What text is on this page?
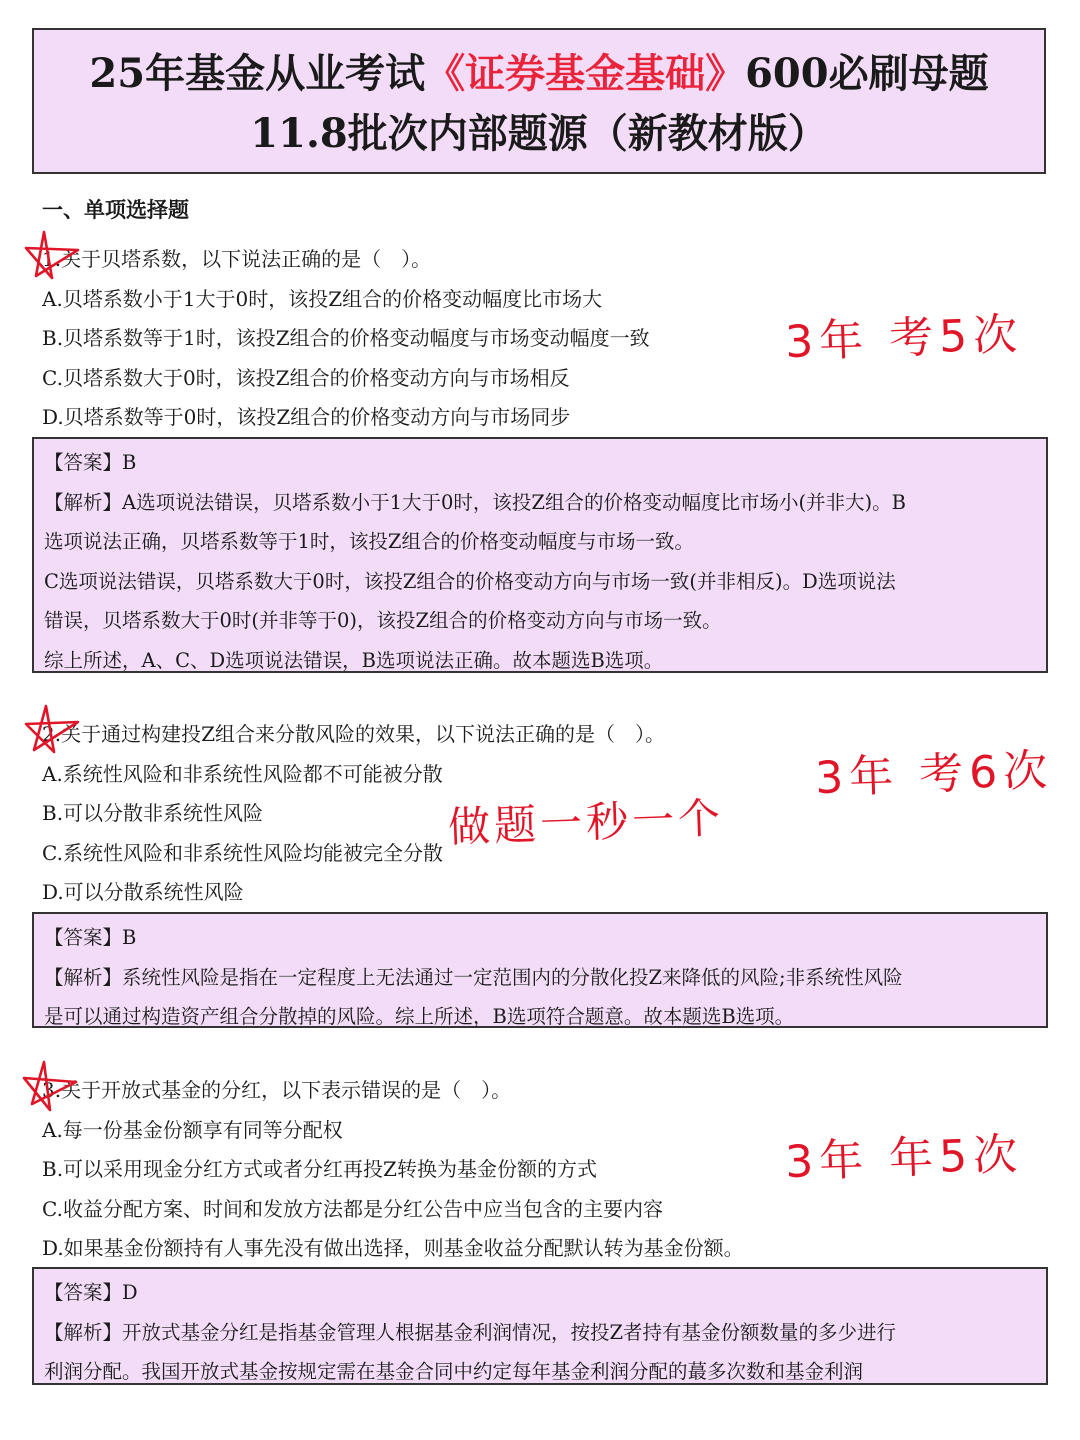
25年基金从业考试《证券基金基础》600必刷母题
11.8批次内部题源（新教材版）
一、单项选择题
1.关于贝塔系数，以下说法正确的是（　）。
A.贝塔系数小于1大于0时，该投Z组合的价格变动幅度比市场大
B.贝塔系数等于1时，该投Z组合的价格变动幅度与市场变动幅度一致
C.贝塔系数大于0时，该投Z组合的价格变动方向与市场相反
D.贝塔系数等于0时，该投Z组合的价格变动方向与市场同步
【答案】B
【解析】A选项说法错误，贝塔系数小于1大于0时，该投Z组合的价格变动幅度比市场小(并非大)。B
选项说法正确，贝塔系数等于1时，该投Z组合的价格变动幅度与市场一致。
C选项说法错误，贝塔系数大于0时，该投Z组合的价格变动方向与市场一致(并非相反)。D选项说法
错误，贝塔系数大于0时(并非等于0)，该投Z组合的价格变动方向与市场一致。
综上所述，A、C、D选项说法错误，B选项说法正确。故本题选B选项。
2.关于通过构建投Z组合来分散风险的效果，以下说法正确的是（　）。
A.系统性风险和非系统性风险都不可能被分散
B.可以分散非系统性风险
C.系统性风险和非系统性风险均能被完全分散
D.可以分散系统性风险
【答案】B
【解析】系统性风险是指在一定程度上无法通过一定范围内的分散化投Z来降低的风险;非系统性风险
是可以通过构造资产组合分散掉的风险。综上所述，B选项符合题意。故本题选B选项。
3.关于开放式基金的分红，以下表示错误的是（　）。
A.每一份基金份额享有同等分配权
B.可以采用现金分红方式或者分红再投Z转换为基金份额的方式
C.收益分配方案、时间和发放方法都是分红公告中应当包含的主要内容
D.如果基金份额持有人事先没有做出选择，则基金收益分配默认转为基金份额。
【答案】D
【解析】开放式基金分红是指基金管理人根据基金利润情况，按投Z者持有基金份额数量的多少进行
利润分配。我国开放式基金按规定需在基金合同中约定每年基金利润分配的蕞多次数和基金利润
3年 考5次
3年 考6次
做题一秒一个
3年 年5次
